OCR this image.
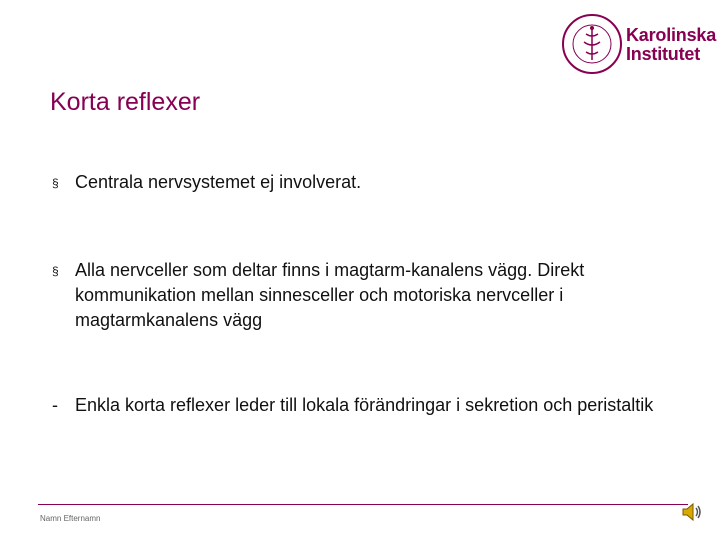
Karolinska
Institutet
Korta reflexer
§ Centrala nervsystemet ej involverat.
§ Alla nervceller som deltar finns i magtarm-kanalens vägg. Direkt kommunikation mellan sinnesceller och motoriska nervceller i magtarmkanalens vägg
- Enkla korta reflexer leder till lokala förändringar i sekretion och peristaltik
Namn Efternamn
